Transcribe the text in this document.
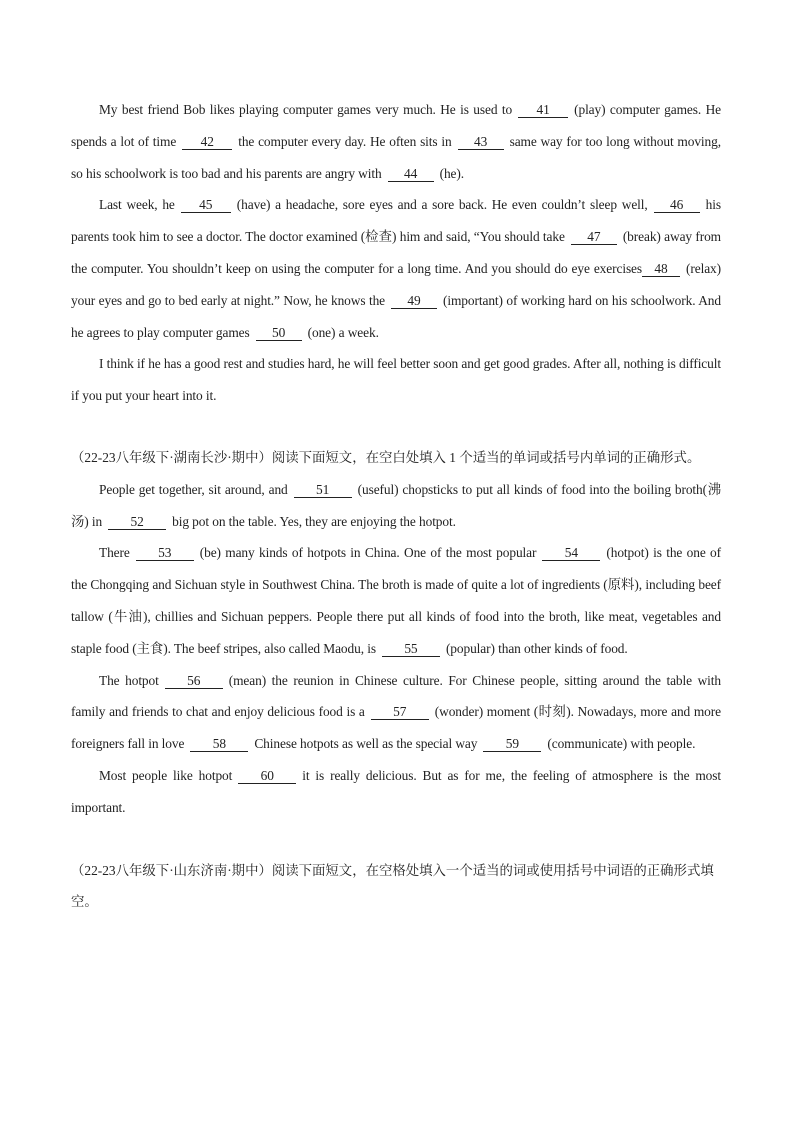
My best friend Bob likes playing computer games very much. He is used to 41 (play) computer games. He spends a lot of time 42 the computer every day. He often sits in 43 same way for too long without moving, so his schoolwork is too bad and his parents are angry with 44 (he).

Last week, he 45 (have) a headache, sore eyes and a sore back. He even couldn’t sleep well, 46 his parents took him to see a doctor. The doctor examined (检查) him and said, “You should take 47 (break) away from the computer. You shouldn’t keep on using the computer for a long time. And you should do eye exercises 48 (relax) your eyes and go to bed early at night.” Now, he knows the 49 (important) of working hard on his schoolwork. And he agrees to play computer games 50 (one) a week.

I think if he has a good rest and studies hard, he will feel better soon and get good grades. After all, nothing is difficult if you put your heart into it.

（22-23八年级下·湖南长沙·期中）阅读下面短文，在空白处填入 1 个适当的单词或括号内单词的正确形式。

People get together, sit around, and 51 (useful) chopsticks to put all kinds of food into the boiling broth(沸汤) in 52 big pot on the table. Yes, they are enjoying the hotpot.

There 53 (be) many kinds of hotpots in China. One of the most popular 54 (hotpot) is the one of the Chongqing and Sichuan style in Southwest China. The broth is made of quite a lot of ingredients (原料), including beef tallow (牛油), chillies and Sichuan peppers. People there put all kinds of food into the broth, like meat, vegetables and staple food (主食). The beef stripes, also called Maodu, is 55 (popular) than other kinds of food.

The hotpot 56 (mean) the reunion in Chinese culture. For Chinese people, sitting around the table with family and friends to chat and enjoy delicious food is a 57 (wonder) moment (时刻). Nowadays, more and more foreigners fall in love 58 Chinese hotpots as well as the special way 59 (communicate) with people.

Most people like hotpot 60 it is really delicious. But as for me, the feeling of atmosphere is the most important.

（22-23八年级下·山东济南·期中）阅读下面短文，在空格处填入一个适当的词或使用括号中词语的正确形式填空。
